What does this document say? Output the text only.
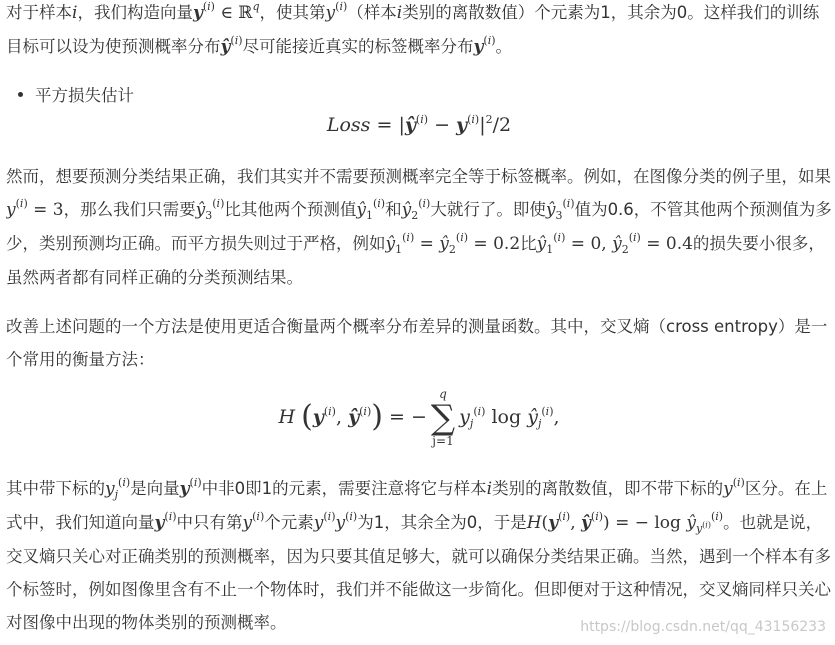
对于样本i，我们构造向量$y^{(i)}$ ∈ ℝ$^q$，使其第$y^{(i)}$（样本i类别的离散数值）个元素为1，其余为0。这样我们的训练目标可以设为使预测概率分布$ŷ^{(i)}$尽可能接近真实的标签概率分布$y^{(i)}$。

平方损失估计
Loss = $|ŷ^{(i)} - y^{(i)}|^2/2$

然而，想要预测分类结果正确，我们其实并不需要预测概率完全等于标签概率。例如，在图像分类的例子里，如果$y^{(i)} = 3$，那么我们只需要$ŷ_3^{(i)}$比其他两个预测值$ŷ_1^{(i)}$和$ŷ_2^{(i)}$大就行了。即使$ŷ_3^{(i)}$值为0.6，不管其他两个预测值为多少，类别预测均正确。而平方损失则过于严格，例如$ŷ_1^{(i)}$ = $ŷ_2^{(i)} = 0.2$比$ŷ_1^{(i)} = 0$, $ŷ_2^{(i)} = 0.4$的损失要小很多，虽然两者都有同样正确的分类预测结果。

改善上述问题的一个方法是使用更适合衡量两个概率分布差异的测量函数。其中，交叉熵（cross entropy）是一个常用的衡量方法：

H ($y^{(i)}$, $ŷ^{(i)}) = -q$
∑
$j=1y_j^{(i)}$ $\log ŷ_j^{(i)}$,

其中带下标的$y_j^{(i)}$是向量$y^{(i)}$中非0即1的元素，需要注意将它与样本i类别的离散数值，即不带下标的$y^{(i)}$区分。在上式中，我们知道向量$y^{(i)}$中只有第$y^{(i)}$个元素$y^{(i)}y^{(i)}$为1，其余全为0，于是$H(y^{(i)}$, $ŷ^{(i)}$) = − $\log ŷ_{y^{(i)}}^{(i)}$。也就是说，交叉熵只关心对正确类别的预测概率，因为只要其值足够大，就可以确保分类结果正确。当然，遇到一个样本有多个标签时，例如图像里含有不止一个物体时，我们并不能做这一步简化。但即便对于这种情况，交叉熵同样只关心对图像中出现的物体类别的预测概率。	https://blog.csdn.net/qq_43156233
